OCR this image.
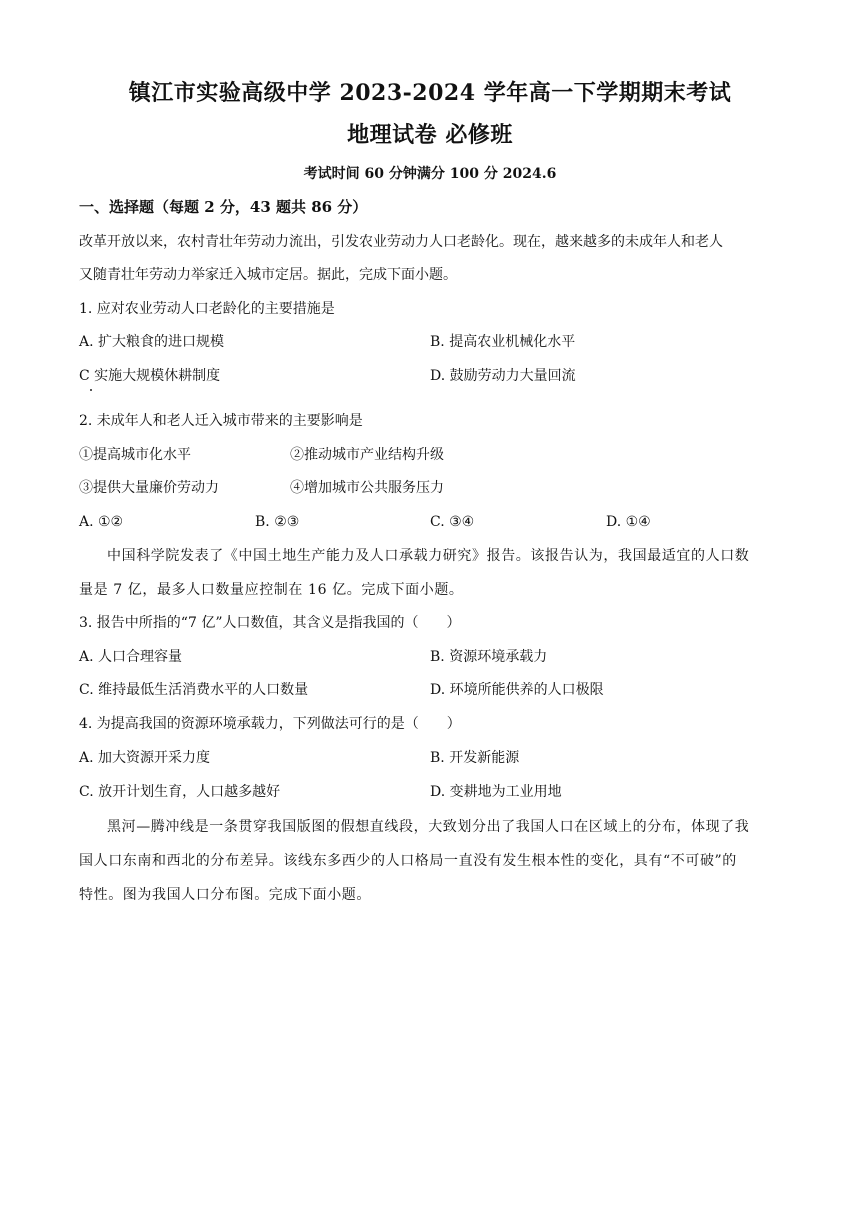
镇江市实验高级中学 2023-2024 学年高一下学期期末考试
地理试卷 必修班
考试时间 60 分钟满分 100 分 2024.6
一、选择题（每题 2 分，43 题共 86 分）
改革开放以来，农村青壮年劳动力流出，引发农业劳动力人口老龄化。现在，越来越多的未成年人和老人
又随青壮年劳动力举家迁入城市定居。据此，完成下面小题。
1. 应对农业劳动人口老龄化的主要措施是
A. 扩大粮食的进口规模	B. 提高农业机械化水平
C 实施大规模休耕制度	D. 鼓励劳动力大量回流
2. 未成年人和老人迁入城市带来的主要影响是
①提高城市化水平	②推动城市产业结构升级
③提供大量廉价劳动力	④增加城市公共服务压力
A. ①②	B. ②③	C. ③④	D. ①④
中国科学院发表了《中国土地生产能力及人口承载力研究》报告。该报告认为，我国最适宜的人口数
量是 7 亿，最多人口数量应控制在 16 亿。完成下面小题。
3. 报告中所指的“7 亿”人口数值，其含义是指我国的（　　）
A. 人口合理容量	B. 资源环境承载力
C. 维持最低生活消费水平的人口数量	D. 环境所能供养的人口极限
4. 为提高我国的资源环境承载力，下列做法可行的是（　　）
A. 加大资源开采力度	B. 开发新能源
C. 放开计划生育，人口越多越好	D. 变耕地为工业用地
黑河—腾冲线是一条贯穿我国版图的假想直线段，大致划分出了我国人口在区域上的分布，体现了我
国人口东南和西北的分布差异。该线东多西少的人口格局一直没有发生根本性的变化，具有“不可破”的
特性。图为我国人口分布图。完成下面小题。
